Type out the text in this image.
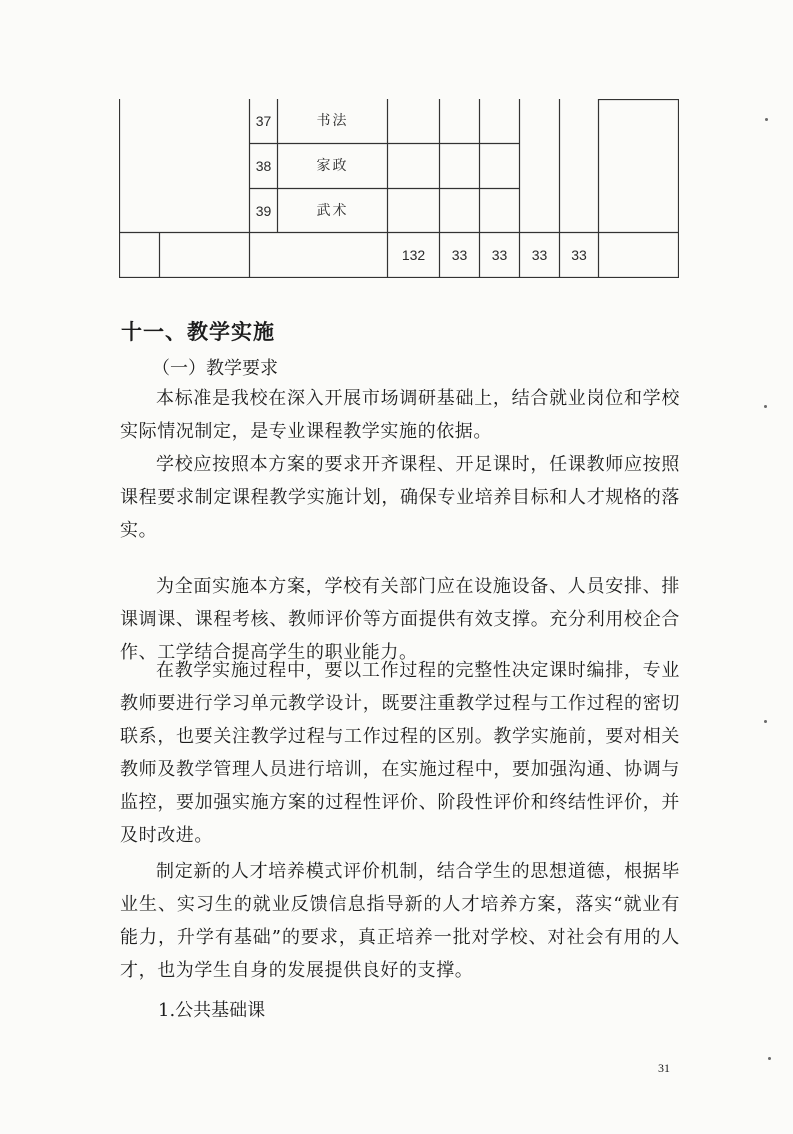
37	书法
38	家政
39	武术
132	33	33	33	33
十一、教学实施
（一）教学要求

本标准是我校在深入开展市场调研基础上，结合就业岗位和学校实际情况制定，是专业课程教学实施的依据。

学校应按照本方案的要求开齐课程、开足课时，任课教师应按照课程要求制定课程教学实施计划，确保专业培养目标和人才规格的落实。

为全面实施本方案，学校有关部门应在设施设备、人员安排、排课调课、课程考核、教师评价等方面提供有效支撑。充分利用校企合作、工学结合提高学生的职业能力。

在教学实施过程中，要以工作过程的完整性决定课时编排，专业教师要进行学习单元教学设计，既要注重教学过程与工作过程的密切联系，也要关注教学过程与工作过程的区别。教学实施前，要对相关教师及教学管理人员进行培训，在实施过程中，要加强沟通、协调与监控，要加强实施方案的过程性评价、阶段性评价和终结性评价，并及时改进。

制定新的人才培养模式评价机制，结合学生的思想道德，根据毕业生、实习生的就业反馈信息指导新的人才培养方案，落实“就业有能力，升学有基础”的要求，真正培养一批对学校、对社会有用的人才，也为学生自身的发展提供良好的支撑。

1.公共基础课
31
